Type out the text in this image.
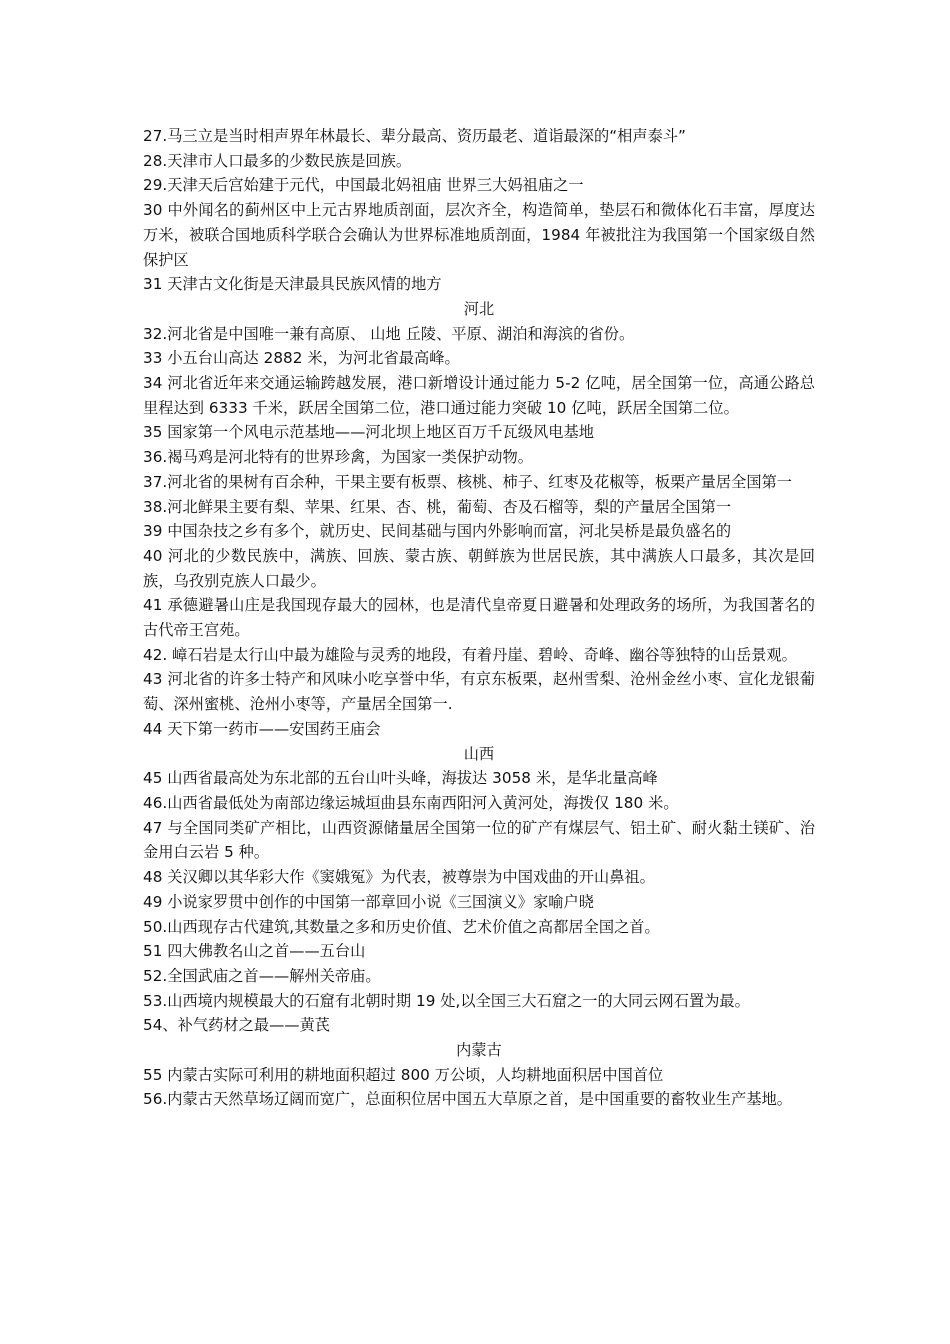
27.马三立是当时相声界年林最长、辈分最高、资历最老、道诣最深的“相声泰斗”

28.天津市人口最多的少数民族是回族。

29.天津天后宫始建于元代，中国最北妈祖庙 世界三大妈祖庙之一

30 中外闻名的蓟州区中上元古界地质剖面，层次齐全，构造简单，垫层石和微体化石丰富，厚度达万米，被联合国地质科学联合会确认为世界标准地质剖面，1984 年被批注为我国第一个国家级自然保护区

31 天津古文化街是天津最具民族风情的地方

河北

32.河北省是中国唯一兼有高原、 山地 丘陵、平原、湖泊和海滨的省份。

33 小五台山高达 2882 米，为河北省最高峰。

34 河北省近年来交通运输跨越发展，港口新增设计通过能力 5-2 亿吨，居全国第一位，高通公路总里程达到 6333 千米，跃居全国第二位，港口通过能力突破 10 亿吨，跃居全国第二位。

35 国家第一个风电示范基地——河北坝上地区百万千瓦级风电基地

36.褐马鸡是河北特有的世界珍禽，为国家一类保护动物。

37.河北省的果树有百余种，干果主要有板票、核桃、柿子、红枣及花椒等，板栗产量居全国第一

38.河北鲜果主要有梨、苹果、红果、杏、桃，葡萄、杏及石榴等，梨的产量居全国第一

39 中国杂技之乡有多个，就历史、民间基础与国内外影响而富，河北吴桥是最负盛名的

40 河北的少数民族中，满族、回族、蒙古族、朝鲜族为世居民族，其中满族人口最多，其次是回族，乌孜别克族人口最少。

41 承德避暑山庄是我国现存最大的园林，也是清代皇帝夏日避暑和处理政务的场所，为我国著名的古代帝王宫苑。

42. 嶂石岩是太行山中最为雄险与灵秀的地段，有着丹崖、碧岭、奇峰、幽谷等独特的山岳景观。

43 河北省的许多士特产和风味小吃享誉中华，有京东板栗，赵州雪梨、沧州金丝小枣、宣化龙银葡萄、深州蜜桃、沧州小枣等，产量居全国第一.

44 天下第一药市——安国药王庙会

山西

45 山西省最高处为东北部的五台山叶头峰，海拔达 3058 米，是华北量高峰

46.山西省最低处为南部边缘运城垣曲县东南西阳河入黄河处，海拨仅 180 米。

47 与全国同类矿产相比，山西资源储量居全国第一位的矿产有煤层气、铝土矿、耐火黏土镁矿、治金用白云岩 5 种。

48 关汉卿以其华彩大作《窦娥冤》为代表，被尊崇为中国戏曲的开山鼻祖。

49 小说家罗贯中创作的中国第一部章回小说《三国演义》家喻户晓

50.山西现存古代建筑,其数量之多和历史价值、艺术价值之高都居全国之首。

51 四大佛教名山之首——五台山

52.全国武庙之首——解州关帝庙。

53.山西境内规模最大的石窟有北朝时期 19 处,以全国三大石窟之一的大同云网石置为最。

54、补气药材之最——黄芪

内蒙古

55 内蒙古实际可利用的耕地面积超过 800 万公顷，人均耕地面积居中国首位

56.内蒙古天然草场辽阔而宽广，总面积位居中国五大草原之首，是中国重要的畜牧业生产基地。
